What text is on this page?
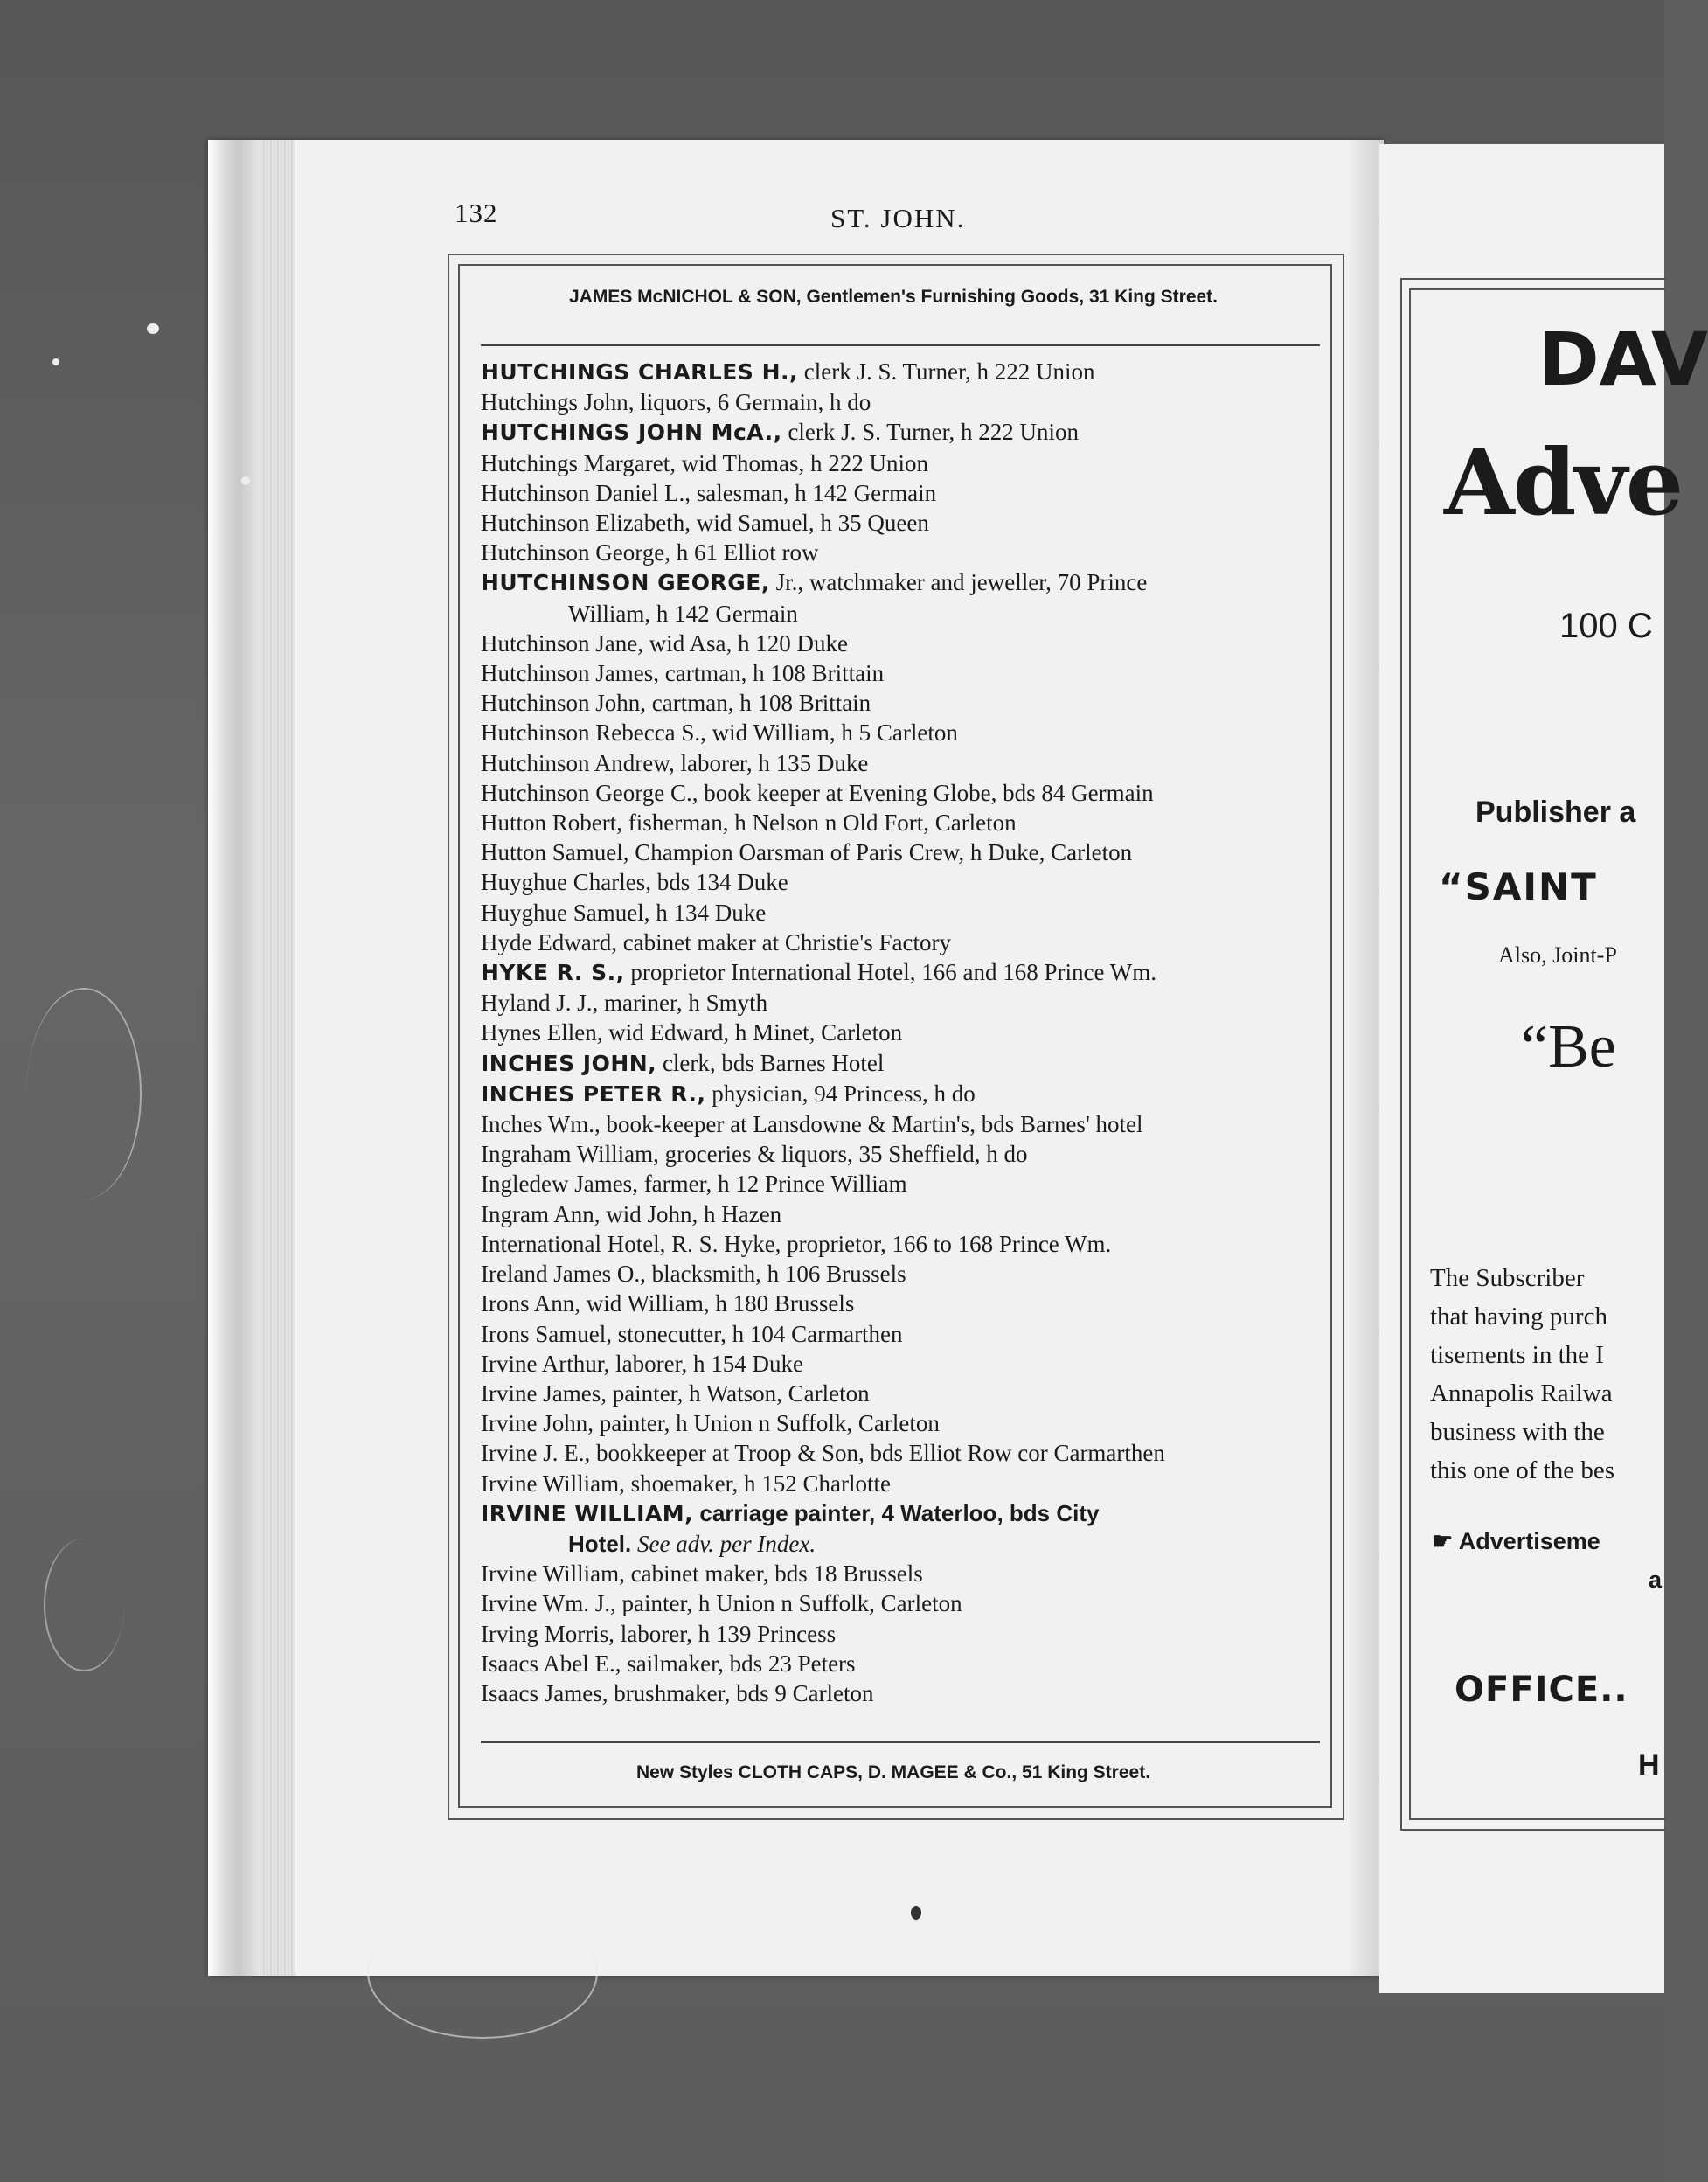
132	ST. JOHN.
JAMES McNICHOL & SON, Gentlemen's Furnishing Goods, 31 King Street.
HUTCHINGS CHARLES H., clerk J. S. Turner, h 222 Union
Hutchings John, liquors, 6 Germain, h do
HUTCHINGS JOHN McA., clerk J. S. Turner, h 222 Union
Hutchings Margaret, wid Thomas, h 222 Union
Hutchinson Daniel L., salesman, h 142 Germain
Hutchinson Elizabeth, wid Samuel, h 35 Queen
Hutchinson George, h 61 Elliot row
HUTCHINSON GEORGE, Jr., watchmaker and jeweller, 70 Prince
William, h 142 Germain
Hutchinson Jane, wid Asa, h 120 Duke
Hutchinson James, cartman, h 108 Brittain
Hutchinson John, cartman, h 108 Brittain
Hutchinson Rebecca S., wid William, h 5 Carleton
Hutchinson Andrew, laborer, h 135 Duke
Hutchinson George C., book keeper at Evening Globe, bds 84 Germain
Hutton Robert, fisherman, h Nelson n Old Fort, Carleton
Hutton Samuel, Champion Oarsman of Paris Crew, h Duke, Carleton
Huyghue Charles, bds 134 Duke
Huyghue Samuel, h 134 Duke
Hyde Edward, cabinet maker at Christie's Factory
HYKE R. S., proprietor International Hotel, 166 and 168 Prince Wm.
Hyland J. J., mariner, h Smyth
Hynes Ellen, wid Edward, h Minet, Carleton
INCHES JOHN, clerk, bds Barnes Hotel
INCHES PETER R., physician, 94 Princess, h do
Inches Wm., book-keeper at Lansdowne & Martin's, bds Barnes' hotel
Ingraham William, groceries & liquors, 35 Sheffield, h do
Ingledew James, farmer, h 12 Prince William
Ingram Ann, wid John, h Hazen
International Hotel, R. S. Hyke, proprietor, 166 to 168 Prince Wm.
Ireland James O., blacksmith, h 106 Brussels
Irons Ann, wid William, h 180 Brussels
Irons Samuel, stonecutter, h 104 Carmarthen
Irvine Arthur, laborer, h 154 Duke
Irvine James, painter, h Watson, Carleton
Irvine John, painter, h Union n Suffolk, Carleton
Irvine J. E., bookkeeper at Troop & Son, bds Elliot Row cor Carmarthen
Irvine William, shoemaker, h 152 Charlotte
IRVINE WILLIAM, carriage painter, 4 Waterloo, bds City
Hotel. See adv. per Index.
Irvine William, cabinet maker, bds 18 Brussels
Irvine Wm. J., painter, h Union n Suffolk, Carleton
Irving Morris, laborer, h 139 Princess
Isaacs Abel E., sailmaker, bds 23 Peters
Isaacs James, brushmaker, bds 9 Carleton
New Styles CLOTH CAPS, D. MAGEE & Co., 51 King Street.
DAV
Adve
100 C
Publisher a
“SAINT
Also, Joint-P
“Be
The Subscriber
that having purch
tisements in the I
Annapolis Railwa
business with the
this one of the bes
☛ Advertiseme
a
OFFICE..
H
